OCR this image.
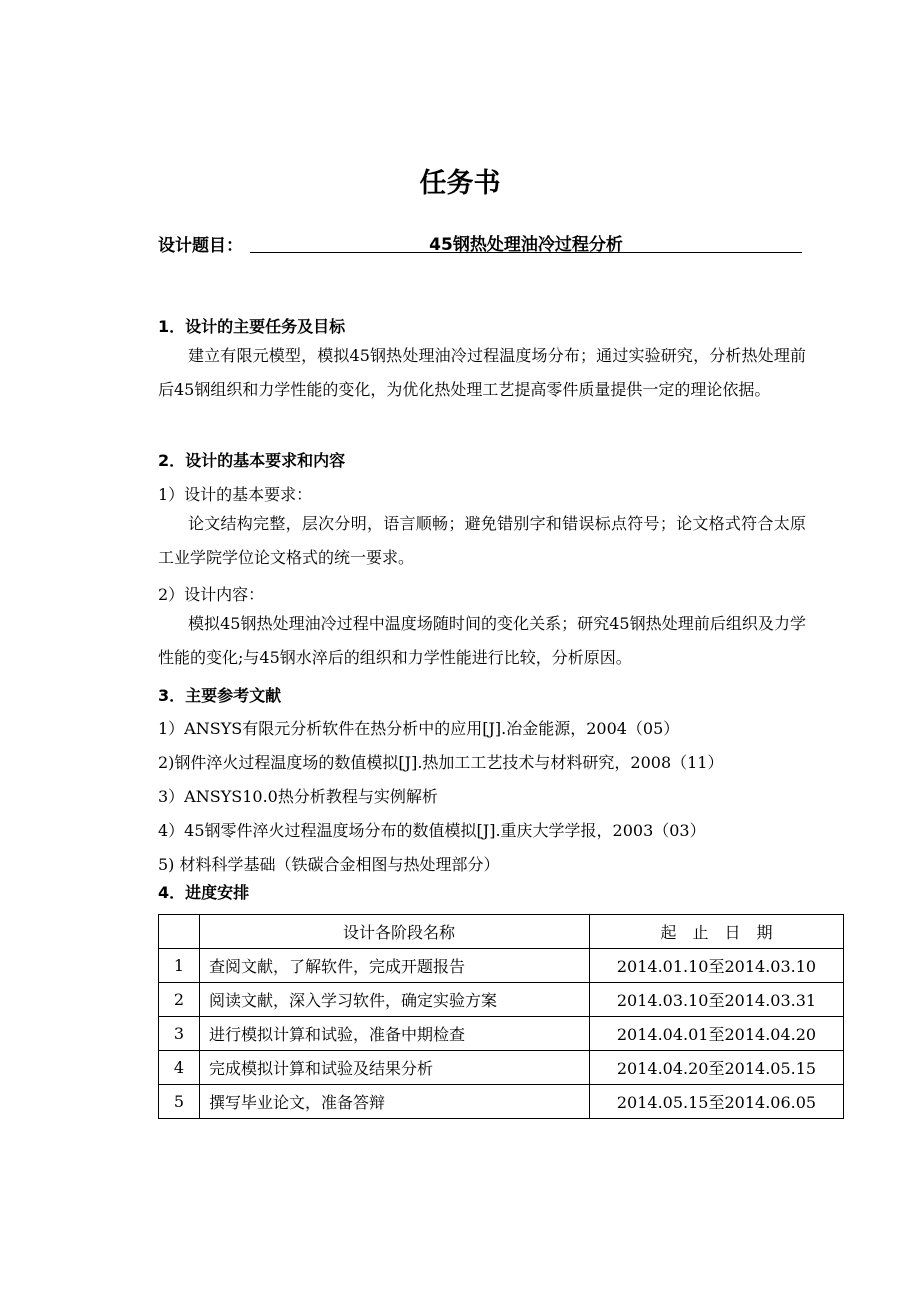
任务书
设计题目：	45钢热处理油冷过程分析
1．设计的主要任务及目标
建立有限元模型，模拟45钢热处理油冷过程温度场分布；通过实验研究，分析热处理前后45钢组织和力学性能的变化，为优化热处理工艺提高零件质量提供一定的理论依据。
2．设计的基本要求和内容
1）设计的基本要求：
论文结构完整，层次分明，语言顺畅；避免错别字和错误标点符号；论文格式符合太原工业学院学位论文格式的统一要求。
2）设计内容：
模拟45钢热处理油冷过程中温度场随时间的变化关系；研究45钢热处理前后组织及力学性能的变化;与45钢水淬后的组织和力学性能进行比较，分析原因。
3．主要参考文献
1）ANSYS有限元分析软件在热分析中的应用[J].冶金能源，2004（05）
2)钢件淬火过程温度场的数值模拟[J].热加工工艺技术与材料研究，2008（11）
3）ANSYS10.0热分析教程与实例解析
4）45钢零件淬火过程温度场分布的数值模拟[J].重庆大学学报，2003（03）
5) 材料科学基础（铁碳合金相图与热处理部分）
4．进度安排
	设计各阶段名称	起　止　日　期
1	查阅文献，了解软件，完成开题报告	2014.01.10至2014.03.10
2	阅读文献，深入学习软件，确定实验方案	2014.03.10至2014.03.31
3	进行模拟计算和试验，准备中期检查	2014.04.01至2014.04.20
4	完成模拟计算和试验及结果分析	2014.04.20至2014.05.15
5	撰写毕业论文，准备答辩	2014.05.15至2014.06.05
